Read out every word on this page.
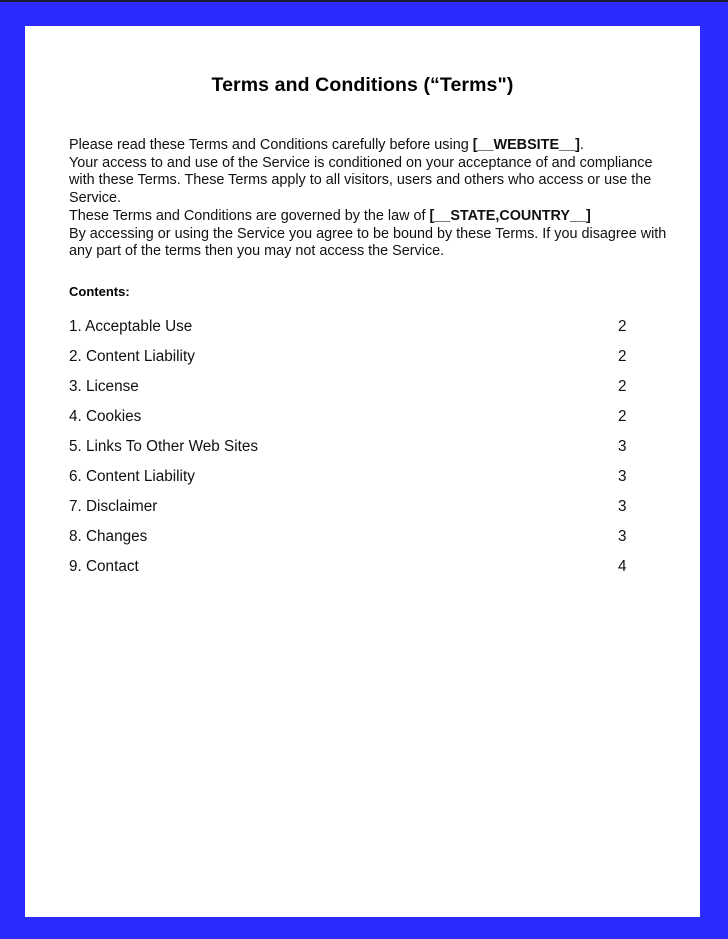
Terms and Conditions (“Terms")
Please read these Terms and Conditions carefully before using [__WEBSITE__].
Your access to and use of the Service is conditioned on your acceptance of and compliance with these Terms. These Terms apply to all visitors, users and others who access or use the Service.
These Terms and Conditions are governed by the law of [__STATE,COUNTRY__]
By accessing or using the Service you agree to be bound by these Terms. If you disagree with any part of the terms then you may not access the Service.
Contents:
1. Acceptable Use	2
2. Content Liability	2
3. License	2
4. Cookies	2
5. Links To Other Web Sites	3
6. Content Liability	3
7. Disclaimer	3
8. Changes	3
9. Contact	4
